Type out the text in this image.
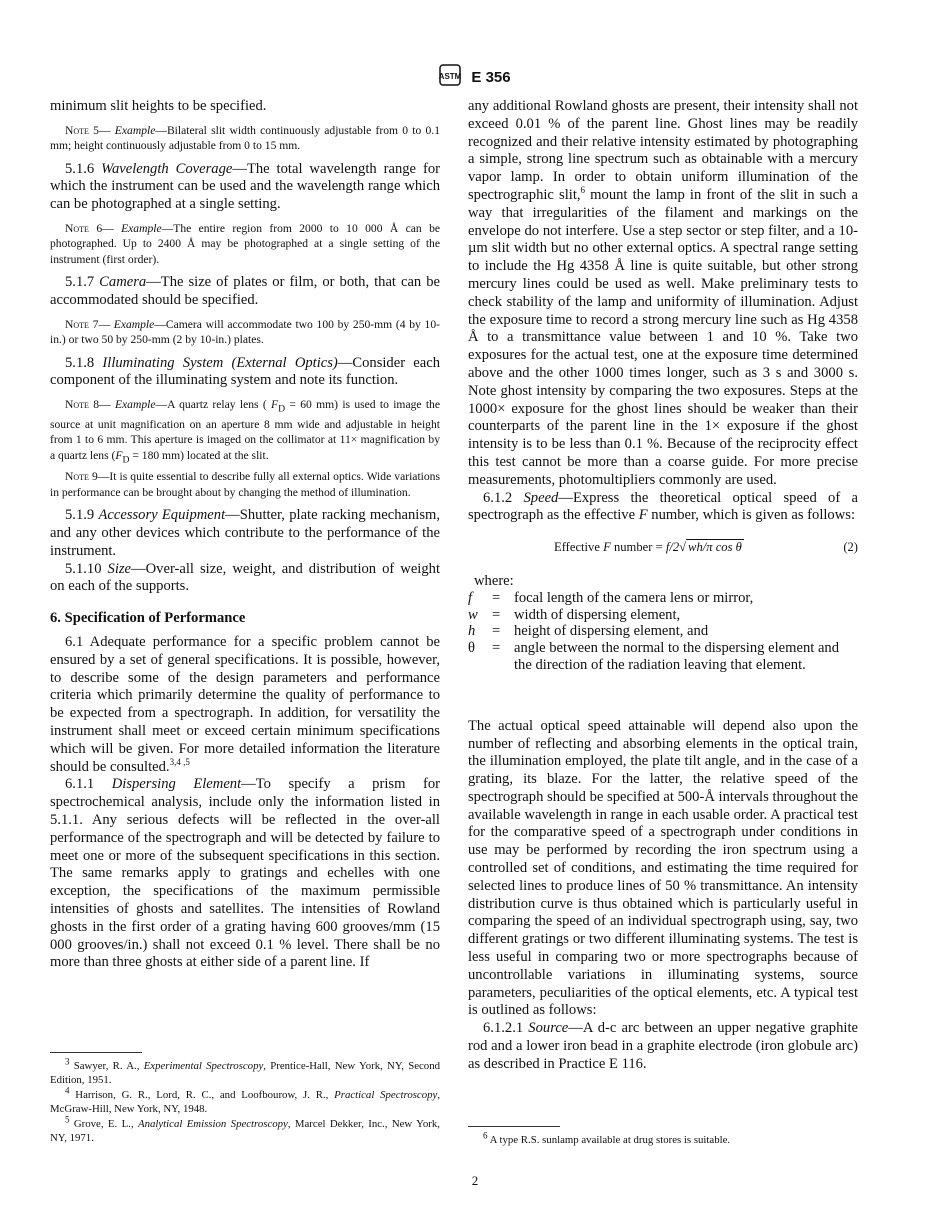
ASTM E 356

minimum slit heights to be specified.

Note 5— Example—Bilateral slit width continuously adjustable from 0 to 0.1 mm; height continuously adjustable from 0 to 15 mm.

5.1.6 Wavelength Coverage—The total wavelength range for which the instrument can be used and the wavelength range which can be photographed at a single setting.

Note 6— Example—The entire region from 2000 to 10 000 Å can be photographed. Up to 2400 Å may be photographed at a single setting of the instrument (first order).

5.1.7 Camera—The size of plates or film, or both, that can be accommodated should be specified.

Note 7— Example—Camera will accommodate two 100 by 250-mm (4 by 10-in.) or two 50 by 250-mm (2 by 10-in.) plates.

5.1.8 Illuminating System (External Optics)—Consider each component of the illuminating system and note its function.

Note 8— Example—A quartz relay lens ( $F_D = 60$ mm) is used to image the source at unit magnification on an aperture 8 mm wide and adjustable in height from 1 to 6 mm. This aperture is imaged on the collimator at 11× magnification by a quartz lens ($F_D = 180$ mm) located at the slit.

Note 9—It is quite essential to describe fully all external optics. Wide variations in performance can be brought about by changing the method of illumination.

5.1.9 Accessory Equipment—Shutter, plate racking mechanism, and any other devices which contribute to the performance of the instrument.

5.1.10 Size—Over-all size, weight, and distribution of weight on each of the supports.

6. Specification of Performance

6.1 Adequate performance for a specific problem cannot be ensured by a set of general specifications. It is possible, however, to describe some of the design parameters and performance criteria which primarily determine the quality of performance to be expected from a spectrograph. In addition, for versatility the instrument shall meet or exceed certain minimum specifications which will be given. For more detailed information the literature should be consulted.$^{3,4 ,5}$

6.1.1 Dispersing Element—To specify a prism for spectrochemical analysis, include only the information listed in 5.1.1. Any serious defects will be reflected in the over-all performance of the spectrograph and will be detected by failure to meet one or more of the subsequent specifications in this section. The same remarks apply to gratings and echelles with one exception, the specifications of the maximum permissible intensities of ghosts and satellites. The intensities of Rowland ghosts in the first order of a grating having 600 grooves/mm (15 000 grooves/in.) shall not exceed 0.1 % level. There shall be no more than three ghosts at either side of a parent line. If

$^3$ Sawyer, R. A., Experimental Spectroscopy, Prentice-Hall, New York, NY, Second Edition, 1951.

$^4$ Harrison, G. R., Lord, R. C., and Loofbourow, J. R., Practical Spectroscopy, McGraw-Hill, New York, NY, 1948.

$^5$ Grove, E. L., Analytical Emission Spectroscopy, Marcel Dekker, Inc., New York, NY, 1971.

any additional Rowland ghosts are present, their intensity shall not exceed 0.01 % of the parent line. Ghost lines may be readily recognized and their relative intensity estimated by photographing a simple, strong line spectrum such as obtainable with a mercury vapor lamp. In order to obtain uniform illumination of the spectrographic slit,$^6$ mount the lamp in front of the slit in such a way that irregularities of the filament and markings on the envelope do not interfere. Use a step sector or step filter, and a 10-µm slit width but no other external optics. A spectral range setting to include the Hg 4358 Å line is quite suitable, but other strong mercury lines could be used as well. Make preliminary tests to check stability of the lamp and uniformity of illumination. Adjust the exposure time to record a strong mercury line such as Hg 4358 Å to a transmittance value between 1 and 10 %. Take two exposures for the actual test, one at the exposure time determined above and the other 1000 times longer, such as 3 s and 3000 s. Note ghost intensity by comparing the two exposures. Steps at the 1000× exposure for the ghost lines should be weaker than their counterparts of the parent line in the 1× exposure if the ghost intensity is to be less than 0.1 %. Because of the reciprocity effect this test cannot be more than a coarse guide. For more precise measurements, photomultipliers commonly are used.

6.1.2 Speed—Express the theoretical optical speed of a spectrograph as the effective F number, which is given as follows:

Effective F number = f/2√ wh/π cos θ	(2)
where:
f	= focal length of the camera lens or mirror,
w = width of dispersing element,
h	= height of dispersing element, and
θ	= angle between the normal to the dispersing element and the direction of the radiation leaving that element.

The actual optical speed attainable will depend also upon the number of reflecting and absorbing elements in the optical train, the illumination employed, the plate tilt angle, and in the case of a grating, its blaze. For the latter, the relative speed of the spectrograph should be specified at 500-Å intervals throughout the available wavelength in range in each usable order. A practical test for the comparative speed of a spectrograph under conditions in use may be performed by recording the iron spectrum using a controlled set of conditions, and estimating the time required for selected lines to produce lines of 50 % transmittance. An intensity distribution curve is thus obtained which is particularly useful in comparing the speed of an individual spectrograph using, say, two different gratings or two different illuminating systems. The test is less useful in comparing two or more spectrographs because of uncontrollable variations in illuminating systems, source parameters, peculiarities of the optical elements, etc. A typical test is outlined as follows:

6.1.2.1 Source—A d-c arc between an upper negative graphite rod and a lower iron bead in a graphite electrode (iron globule arc) as described in Practice E 116.

$^6$ A type R.S. sunlamp available at drug stores is suitable.

2
